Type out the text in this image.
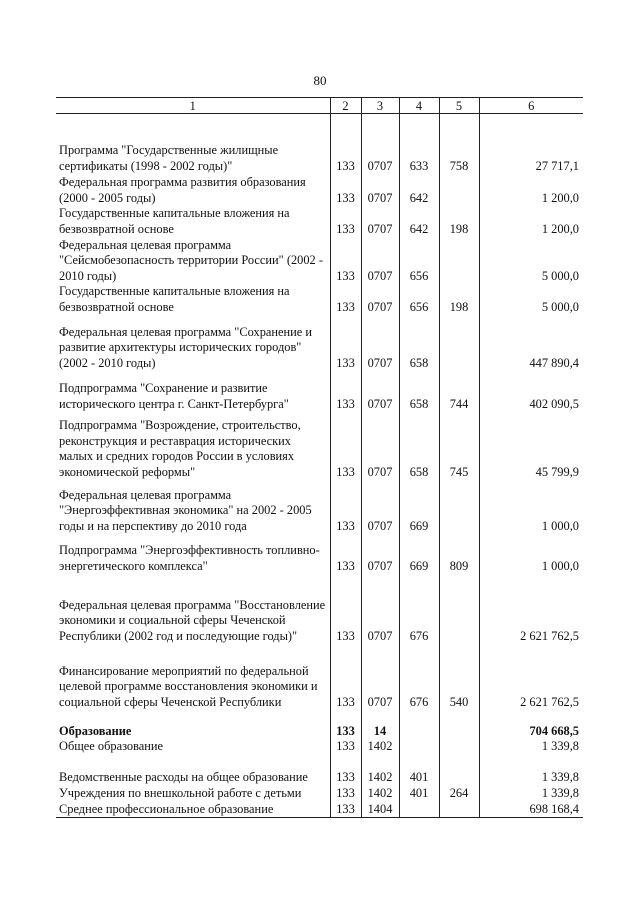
80
1	2	3	4	5	6

Программа "Государственные жилищные сертификаты (1998 - 2002 годы)"	133	0707	633	758	27 717,1
Федеральная программа развития образования (2000 - 2005 годы)	133	0707	642		1 200,0
Государственные капитальные вложения на безвозвратной основе	133	0707	642	198	1 200,0
Федеральная целевая программа "Сейсмобезопасность территории России" (2002 - 2010 годы)	133	0707	656		5 000,0
Государственные капитальные вложения на безвозвратной основе	133	0707	656	198	5 000,0
Федеральная целевая программа "Сохранение и развитие архитектуры исторических городов" (2002 - 2010 годы)	133	0707	658		447 890,4
Подпрограмма "Сохранение и развитие исторического центра г. Санкт-Петербурга"	133	0707	658	744	402 090,5
Подпрограмма "Возрождение, строительство, реконструкция и реставрация исторических малых и средних городов России в условиях экономической реформы"	133	0707	658	745	45 799,9
Федеральная целевая программа "Энергоэффективная экономика" на 2002 - 2005 годы и на перспективу до 2010 года	133	0707	669		1 000,0
Подпрограмма "Энергоэффективность топливно-энергетического комплекса"	133	0707	669	809	1 000,0
Федеральная целевая программа "Восстановление экономики и социальной сферы Чеченской Республики (2002 год и последующие годы)"	133	0707	676		2 621 762,5
Финансирование мероприятий по федеральной целевой программе восстановления экономики и социальной сферы Чеченской Республики	133	0707	676	540	2 621 762,5
Образование	133	14			704 668,5
Общее образование	133	1402			1 339,8
Ведомственные расходы на общее образование	133	1402	401		1 339,8
Учреждения по внешкольной работе с детьми	133	1402	401	264	1 339,8
Среднее профессиональное образование	133	1404			698 168,4
